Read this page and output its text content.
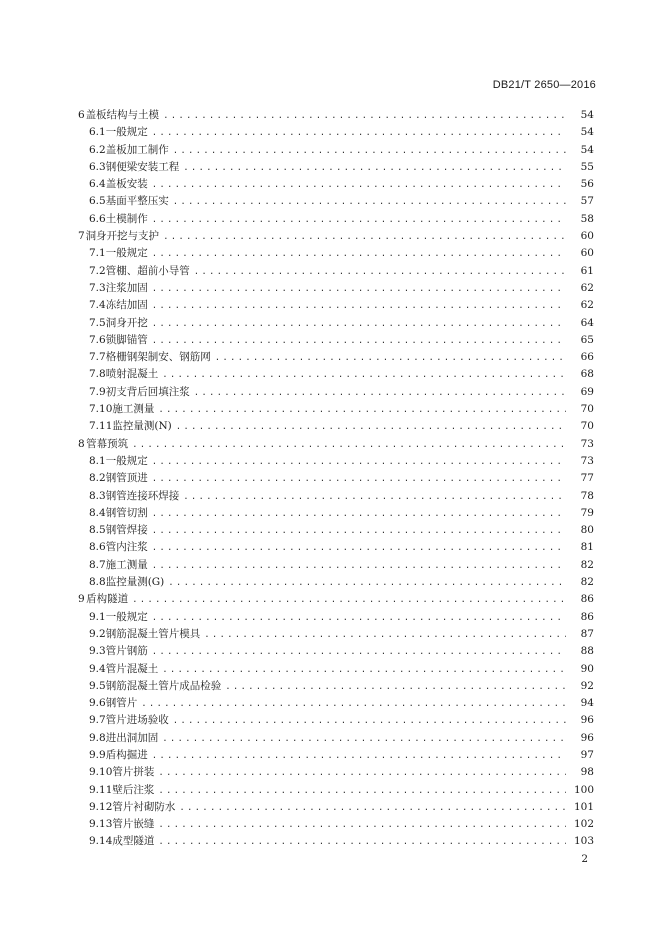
DB21/T 2650—2016
6 盖板结构与土模 . . .	54
6.1 一般规定 . . .	54
6.2 盖板加工制作 . . .	54
6.3 钢便梁安装工程 . . .	55
6.4 盖板安装 . . .	56
6.5 基面平整压实 . . .	57
6.6 土模制作 . . .	58
7 洞身开挖与支护 . . .	60
7.1 一般规定 . . .	60
7.2 管棚、超前小导管 . . .	61
7.3 注浆加固 . . .	62
7.4 冻结加固 . . .	62
7.5 洞身开挖 . . .	64
7.6 锁脚锚管 . . .	65
7.7 格栅钢架制安、钢筋网 . . .	66
7.8 喷射混凝土 . . .	68
7.9 初支背后回填注浆 . . .	69
7.10 施工测量 . . .	70
7.11 监控量测(N) . . .	70
8 管幕预筑 . . .	73
8.1 一般规定 . . .	73
8.2 钢管顶进 . . .	77
8.3 钢管连接环焊接 . . .	78
8.4 钢管切割 . . .	79
8.5 钢管焊接 . . .	80
8.6 管内注浆 . . .	81
8.7 施工测量 . . .	82
8.8 监控量测(G) . . .	82
9 盾构隧道 . . .	86
9.1 一般规定 . . .	86
9.2 钢筋混凝土管片模具 . . .	87
9.3 管片钢筋 . . .	88
9.4 管片混凝土 . . .	90
9.5 钢筋混凝土管片成品检验 . . .	92
9.6 钢管片 . . .	94
9.7 管片进场验收 . . .	96
9.8 进出洞加固 . . .	96
9.9 盾构掘进 . . .	97
9.10 管片拼装 . . .	98
9.11 壁后注浆 . . .	100
9.12 管片衬砌防水 . . .	101
9.13 管片嵌缝 . . .	102
9.14 成型隧道 . . .	103
2
